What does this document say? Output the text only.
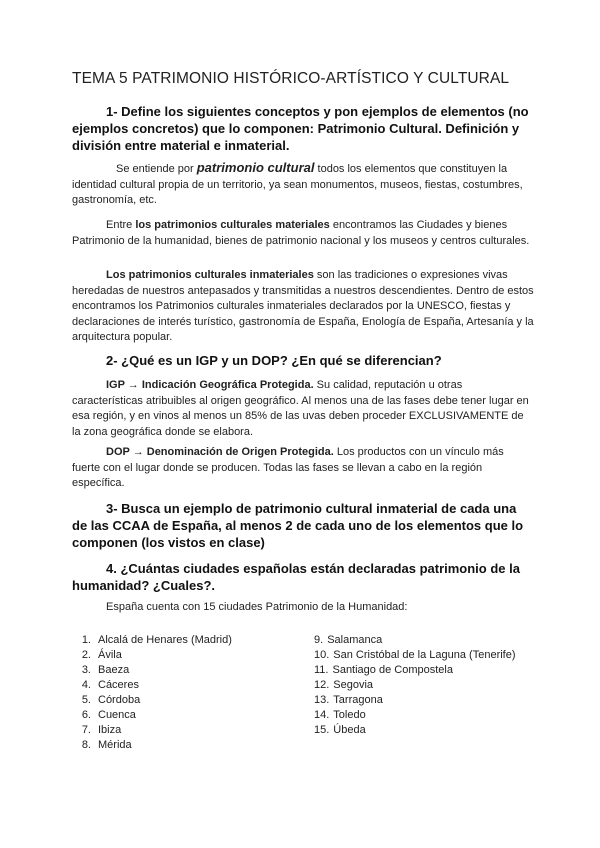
TEMA 5 PATRIMONIO HISTÓRICO-ARTÍSTICO Y CULTURAL
1- Define los siguientes conceptos y pon ejemplos de elementos (no ejemplos concretos) que lo componen: Patrimonio Cultural. Definición y división entre material e inmaterial.
Se entiende por patrimonio cultural todos los elementos que constituyen la identidad cultural propia de un territorio, ya sean monumentos, museos, fiestas, costumbres, gastronomía, etc.
Entre los patrimonios culturales materiales encontramos las Ciudades y bienes Patrimonio de la humanidad, bienes de patrimonio nacional y los museos y centros culturales.
Los patrimonios culturales inmateriales son las tradiciones o expresiones vivas heredadas de nuestros antepasados y transmitidas a nuestros descendientes. Dentro de estos encontramos los Patrimonios culturales inmateriales declarados por la UNESCO, fiestas y declaraciones de interés turístico, gastronomía de España, Enología de España, Artesanía y la arquitectura popular.
2- ¿Qué es un IGP y un DOP? ¿En qué se diferencian?
IGP → Indicación Geográfica Protegida. Su calidad, reputación u otras características atribuibles al origen geográfico. Al menos una de las fases debe tener lugar en esa región, y en vinos al menos un 85% de las uvas deben proceder EXCLUSIVAMENTE de la zona geográfica donde se elabora.
DOP → Denominación de Origen Protegida. Los productos con un vínculo más fuerte con el lugar donde se producen. Todas las fases se llevan a cabo en la región específica.
3- Busca un ejemplo de patrimonio cultural inmaterial de cada una de las CCAA de España, al menos 2 de cada uno de los elementos que lo componen (los vistos en clase)
4. ¿Cuántas ciudades españolas están declaradas patrimonio de la humanidad? ¿Cuales?.
España cuenta con 15 ciudades Patrimonio de la Humanidad:
1. Alcalá de Henares (Madrid)
2. Ávila
3. Baeza
4. Cáceres
5. Córdoba
6. Cuenca
7. Ibiza
8. Mérida
9. Salamanca
10. San Cristóbal de la Laguna (Tenerife)
11. Santiago de Compostela
12. Segovia
13. Tarragona
14. Toledo
15. Úbeda
